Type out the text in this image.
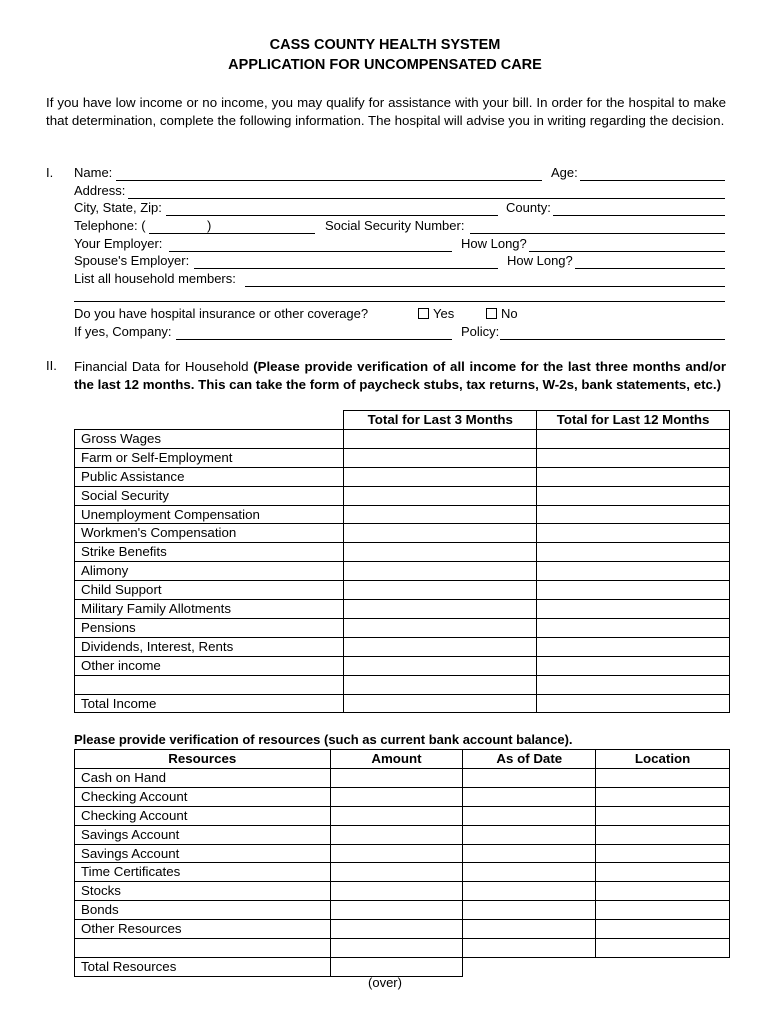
CASS COUNTY HEALTH SYSTEM
APPLICATION FOR UNCOMPENSATED CARE
If you have low income or no income, you may qualify for assistance with your bill. In order for the hospital to make that determination, complete the following information. The hospital will advise you in writing regarding the decision.
I. Name:	Age:
Address:
City, State, Zip:	County:
Telephone: (	)	Social Security Number:
Your Employer:	How Long?
Spouse's Employer:	How Long?
List all household members:
Do you have hospital insurance or other coverage?	Yes	No
If yes, Company:	Policy:
II. Financial Data for Household (Please provide verification of all income for the last three months and/or the last 12 months. This can take the form of paycheck stubs, tax returns, W-2s, bank statements, etc.)
	Total for Last 3 Months	Total for Last 12 Months
Gross Wages		
Farm or Self-Employment		
Public Assistance		
Social Security		
Unemployment Compensation		
Workmen's Compensation		
Strike Benefits		
Alimony		
Child Support		
Military Family Allotments		
Pensions		
Dividends, Interest, Rents		
Other income		

Total Income		
Please provide verification of resources (such as current bank account balance).
Resources	Amount	As of Date	Location
Cash on Hand			
Checking Account			
Checking Account			
Savings Account			
Savings Account			
Time Certificates			
Stocks			
Bonds			
Other Resources			

Total Resources			
(over)
